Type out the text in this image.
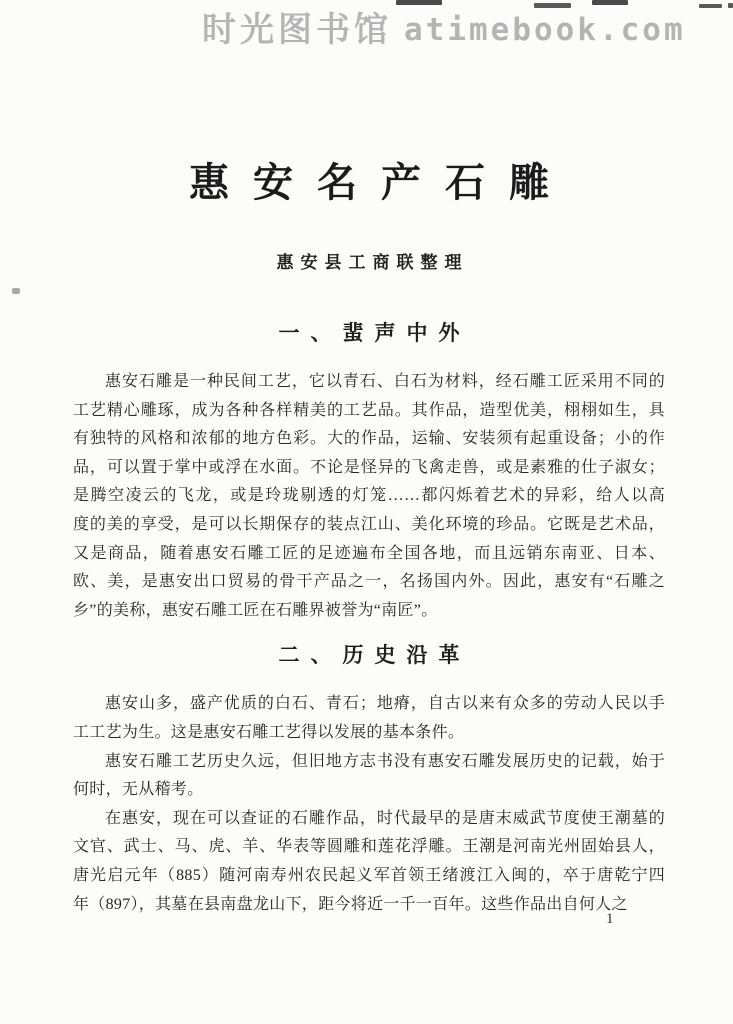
时光图书馆 atimebook.com
惠安名产石雕
惠安县工商联整理
一、蜚声中外
惠安石雕是一种民间工艺，它以青石、白石为材料，经石雕工匠采用不同的
工艺精心雕琢，成为各种各样精美的工艺品。其作品，造型优美，栩栩如生，具
有独特的风格和浓郁的地方色彩。大的作品，运输、安装须有起重设备；小的作
品，可以置于掌中或浮在水面。不论是怪异的飞禽走兽，或是素雅的仕子淑女；
是腾空凌云的飞龙，或是玲珑剔透的灯笼……都闪烁着艺术的异彩，给人以高
度的美的享受，是可以长期保存的装点江山、美化环境的珍品。它既是艺术品，
又是商品，随着惠安石雕工匠的足迹遍布全国各地，而且远销东南亚、日本、
欧、美，是惠安出口贸易的骨干产品之一，名扬国内外。因此，惠安有“石雕之
乡”的美称，惠安石雕工匠在石雕界被誉为“南匠”。
二、历史沿革
惠安山多，盛产优质的白石、青石；地瘠，自古以来有众多的劳动人民以手
工工艺为生。这是惠安石雕工艺得以发展的基本条件。
惠安石雕工艺历史久远，但旧地方志书没有惠安石雕发展历史的记载，始于
何时，无从稽考。
在惠安，现在可以查证的石雕作品，时代最早的是唐末威武节度使王潮墓的
文官、武士、马、虎、羊、华表等圆雕和莲花浮雕。王潮是河南光州固始县人，
唐光启元年（885）随河南寿州农民起义军首领王绪渡江入闽的，卒于唐乾宁四
年（897），其墓在县南盘龙山下，距今将近一千一百年。这些作品出自何人之
1
